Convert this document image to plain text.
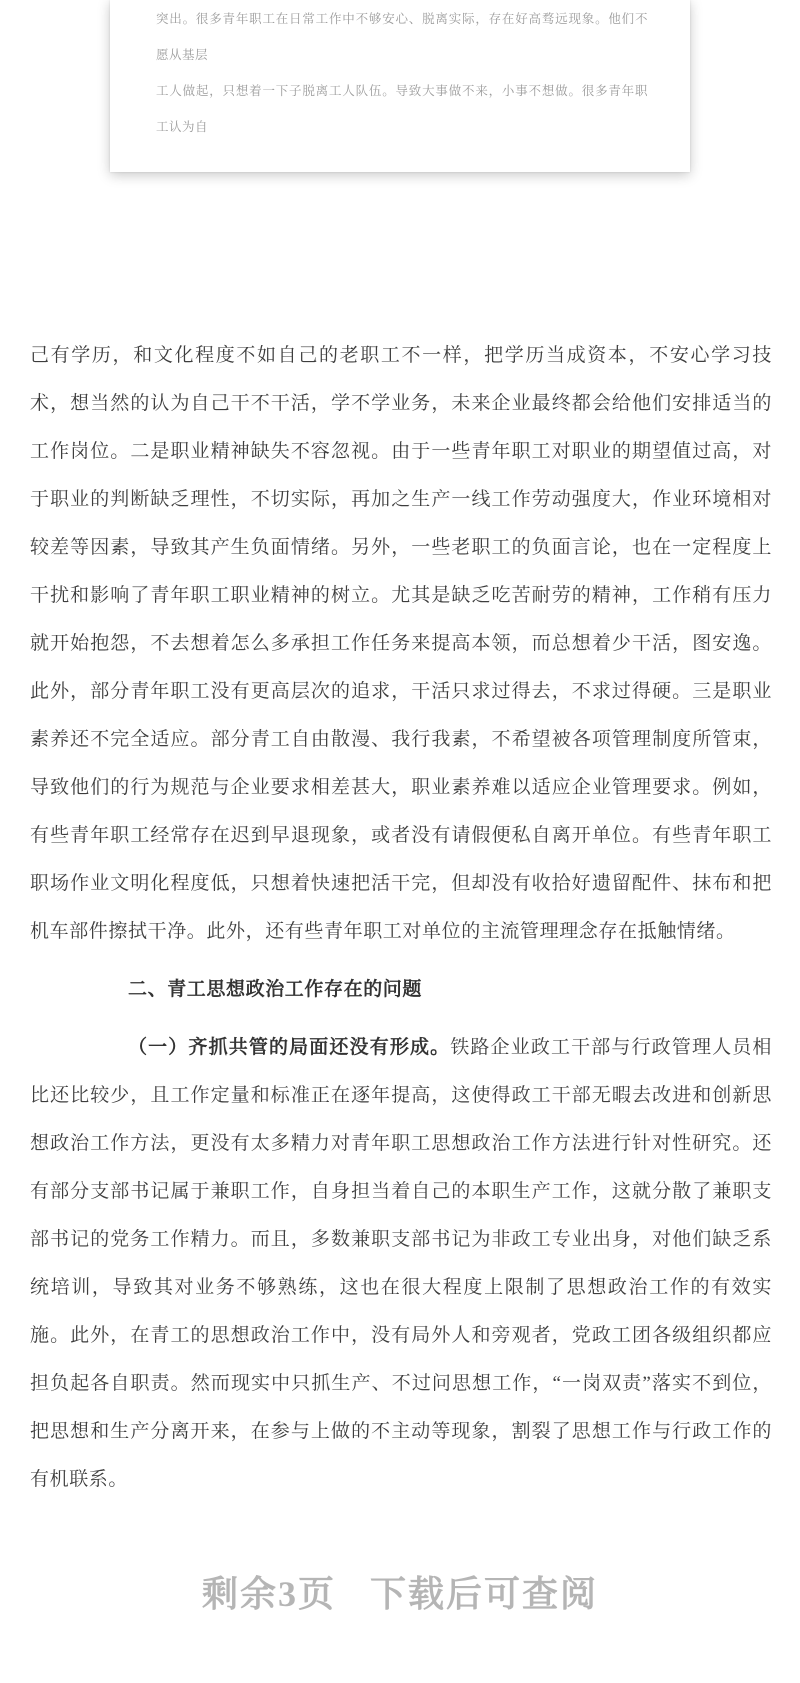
突出。很多青年职工在日常工作中不够安心、脱离实际，存在好高骛远现象。他们不愿从基层

工人做起，只想着一下子脱离工人队伍。导致大事做不来，小事不想做。很多青年职工认为自

己有学历，和文化程度不如自己的老职工不一样，把学历当成资本，不安心学习技术，想当然的认为自己干不干活，学不学业务，未来企业最终都会给他们安排适当的工作岗位。二是职业精神缺失不容忽视。由于一些青年职工对职业的期望值过高，对于职业的判断缺乏理性，不切实际，再加之生产一线工作劳动强度大，作业环境相对较差等因素，导致其产生负面情绪。另外，一些老职工的负面言论，也在一定程度上干扰和影响了青年职工职业精神的树立。尤其是缺乏吃苦耐劳的精神，工作稍有压力就开始抱怨，不去想着怎么多承担工作任务来提高本领，而总想着少干活，图安逸。此外，部分青年职工没有更高层次的追求，干活只求过得去，不求过得硬。三是职业素养还不完全适应。部分青工自由散漫、我行我素，不希望被各项管理制度所管束，导致他们的行为规范与企业要求相差甚大，职业素养难以适应企业管理要求。例如，有些青年职工经常存在迟到早退现象，或者没有请假便私自离开单位。有些青年职工职场作业文明化程度低，只想着快速把活干完，但却没有收拾好遗留配件、抹布和把机车部件擦拭干净。此外，还有些青年职工对单位的主流管理理念存在抵触情绪。

二、青工思想政治工作存在的问题

（一）齐抓共管的局面还没有形成。铁路企业政工干部与行政管理人员相比还比较少，且工作定量和标准正在逐年提高，这使得政工干部无暇去改进和创新思想政治工作方法，更没有太多精力对青年职工思想政治工作方法进行针对性研究。还有部分支部书记属于兼职工作，自身担当着自己的本职生产工作，这就分散了兼职支部书记的党务工作精力。而且，多数兼职支部书记为非政工专业出身，对他们缺乏系统培训，导致其对业务不够熟练，这也在很大程度上限制了思想政治工作的有效实施。此外，在青工的思想政治工作中，没有局外人和旁观者，党政工团各级组织都应担负起各自职责。然而现实中只抓生产、不过问思想工作，“一岗双责”落实不到位，把思想和生产分离开来，在参与上做的不主动等现象，割裂了思想工作与行政工作的有机联系。

剩余3页 下载后可查阅
